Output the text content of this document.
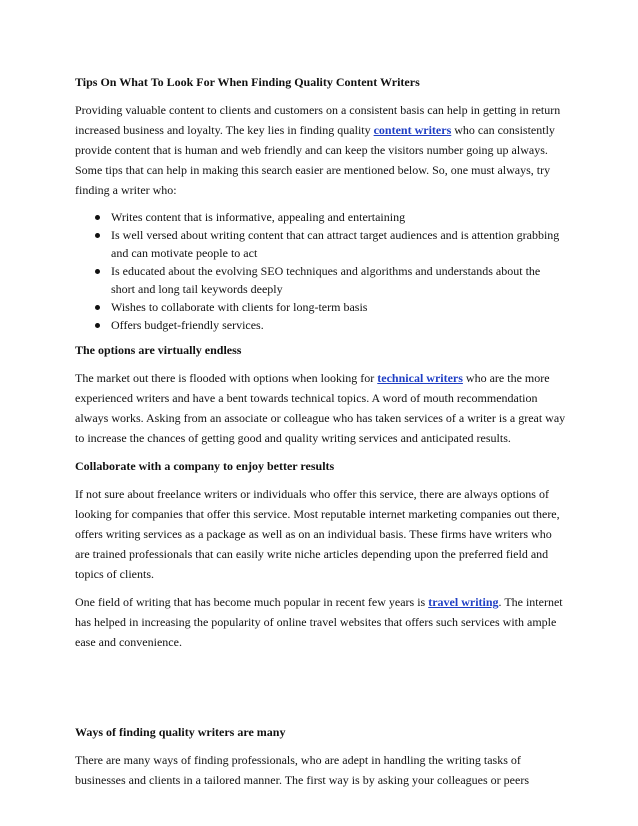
Tips On What To Look For When Finding Quality Content Writers

Providing valuable content to clients and customers on a consistent basis can help in getting in return increased business and loyalty. The key lies in finding quality content writers who can consistently provide content that is human and web friendly and can keep the visitors number going up always. Some tips that can help in making this search easier are mentioned below. So, one must always, try finding a writer who:

Writes content that is informative, appealing and entertaining
Is well versed about writing content that can attract target audiences and is attention grabbing and can motivate people to act
Is educated about the evolving SEO techniques and algorithms and understands about the short and long tail keywords deeply
Wishes to collaborate with clients for long-term basis
Offers budget-friendly services.
The options are virtually endless

The market out there is flooded with options when looking for technical writers who are the more experienced writers and have a bent towards technical topics. A word of mouth recommendation always works. Asking from an associate or colleague who has taken services of a writer is a great way to increase the chances of getting good and quality writing services and anticipated results.

Collaborate with a company to enjoy better results

If not sure about freelance writers or individuals who offer this service, there are always options of looking for companies that offer this service. Most reputable internet marketing companies out there, offers writing services as a package as well as on an individual basis. These firms have writers who are trained professionals that can easily write niche articles depending upon the preferred field and topics of clients.

One field of writing that has become much popular in recent few years is travel writing. The internet has helped in increasing the popularity of online travel websites that offers such services with ample ease and convenience.

Ways of finding quality writers are many

There are many ways of finding professionals, who are adept in handling the writing tasks of businesses and clients in a tailored manner. The first way is by asking your colleagues or peers
